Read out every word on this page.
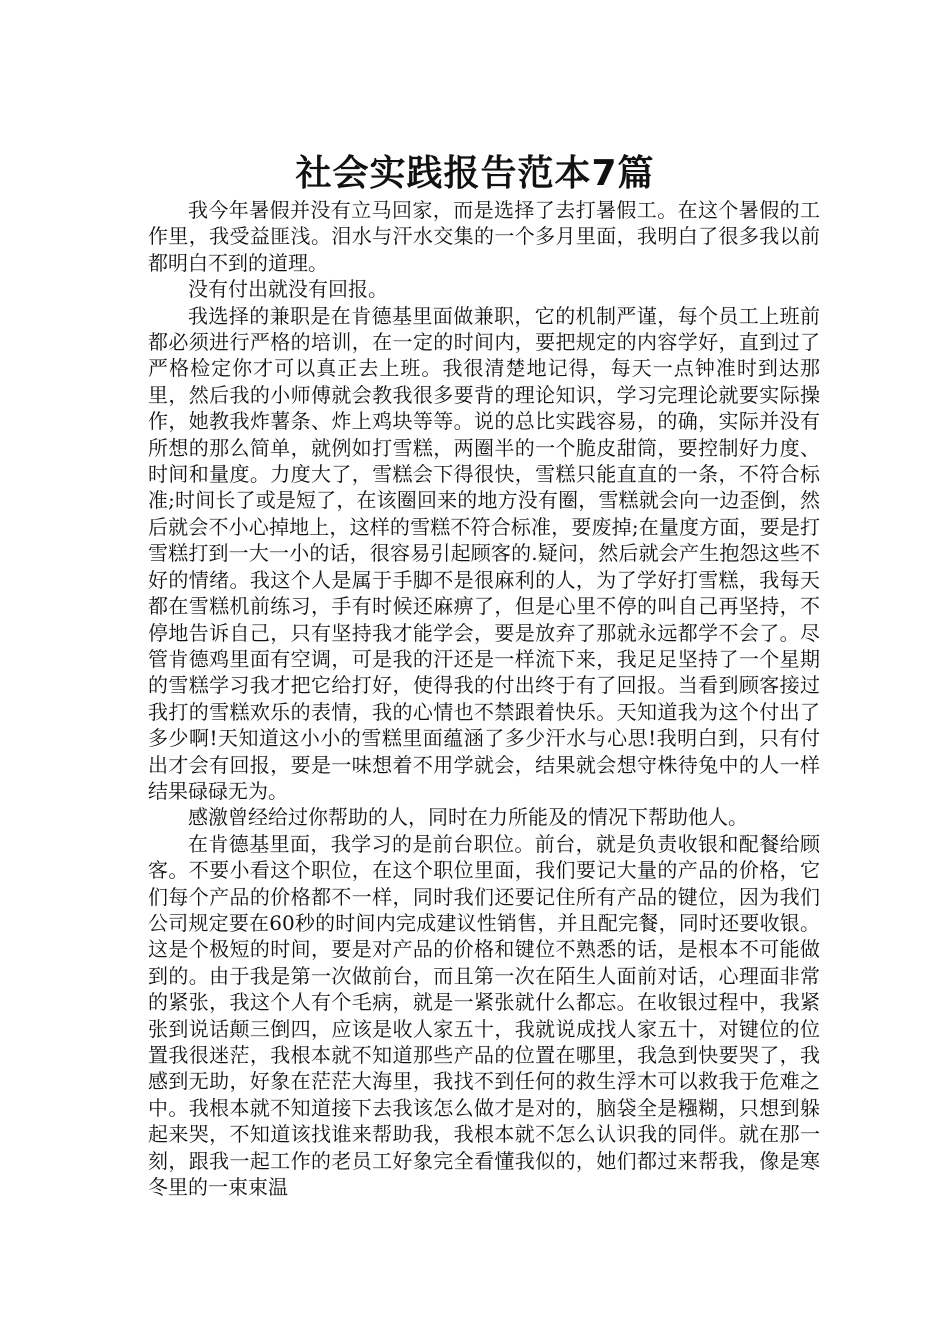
社会实践报告范本7篇

我今年暑假并没有立马回家，而是选择了去打暑假工。在这个暑假的工作里，我受益匪浅。泪水与汗水交集的一个多月里面，我明白了很多我以前都明白不到的道理。

没有付出就没有回报。

我选择的兼职是在肯德基里面做兼职，它的机制严谨，每个员工上班前都必须进行严格的培训，在一定的时间内，要把规定的内容学好，直到过了严格检定你才可以真正去上班。我很清楚地记得，每天一点钟准时到达那里，然后我的小师傅就会教我很多要背的理论知识，学习完理论就要实际操作，她教我炸薯条、炸上鸡块等等。说的总比实践容易，的确，实际并没有所想的那么简单，就例如打雪糕，两圈半的一个脆皮甜筒，要控制好力度、时间和量度。力度大了，雪糕会下得很快，雪糕只能直直的一条，不符合标准;时间长了或是短了，在该圈回来的地方没有圈，雪糕就会向一边歪倒，然后就会不小心掉地上，这样的雪糕不符合标准，要废掉;在量度方面，要是打雪糕打到一大一小的话，很容易引起顾客的.疑问，然后就会产生抱怨这些不好的情绪。我这个人是属于手脚不是很麻利的人，为了学好打雪糕，我每天都在雪糕机前练习，手有时候还麻痹了，但是心里不停的叫自己再坚持，不停地告诉自己，只有坚持我才能学会，要是放弃了那就永远都学不会了。尽管肯德鸡里面有空调，可是我的汗还是一样流下来，我足足坚持了一个星期的雪糕学习我才把它给打好，使得我的付出终于有了回报。当看到顾客接过我打的雪糕欢乐的表情，我的心情也不禁跟着快乐。天知道我为这个付出了多少啊!天知道这小小的雪糕里面蕴涵了多少汗水与心思!我明白到，只有付出才会有回报，要是一味想着不用学就会，结果就会想守株待兔中的人一样结果碌碌无为。

感激曾经给过你帮助的人，同时在力所能及的情况下帮助他人。

在肯德基里面，我学习的是前台职位。前台，就是负责收银和配餐给顾客。不要小看这个职位，在这个职位里面，我们要记大量的产品的价格，它们每个产品的价格都不一样，同时我们还要记住所有产品的键位，因为我们公司规定要在60秒的时间内完成建议性销售，并且配完餐，同时还要收银。这是个极短的时间，要是对产品的价格和键位不熟悉的话，是根本不可能做到的。由于我是第一次做前台，而且第一次在陌生人面前对话，心理面非常的紧张，我这个人有个毛病，就是一紧张就什么都忘。在收银过程中，我紧张到说话颠三倒四，应该是收人家五十，我就说成找人家五十，对键位的位置我很迷茫，我根本就不知道那些产品的位置在哪里，我急到快要哭了，我感到无助，好象在茫茫大海里，我找不到任何的救生浮木可以救我于危难之中。我根本就不知道接下去我该怎么做才是对的，脑袋全是糨糊，只想到躲起来哭，不知道该找谁来帮助我，我根本就不怎么认识我的同伴。就在那一刻，跟我一起工作的老员工好象完全看懂我似的，她们都过来帮我，像是寒冬里的一束束温
